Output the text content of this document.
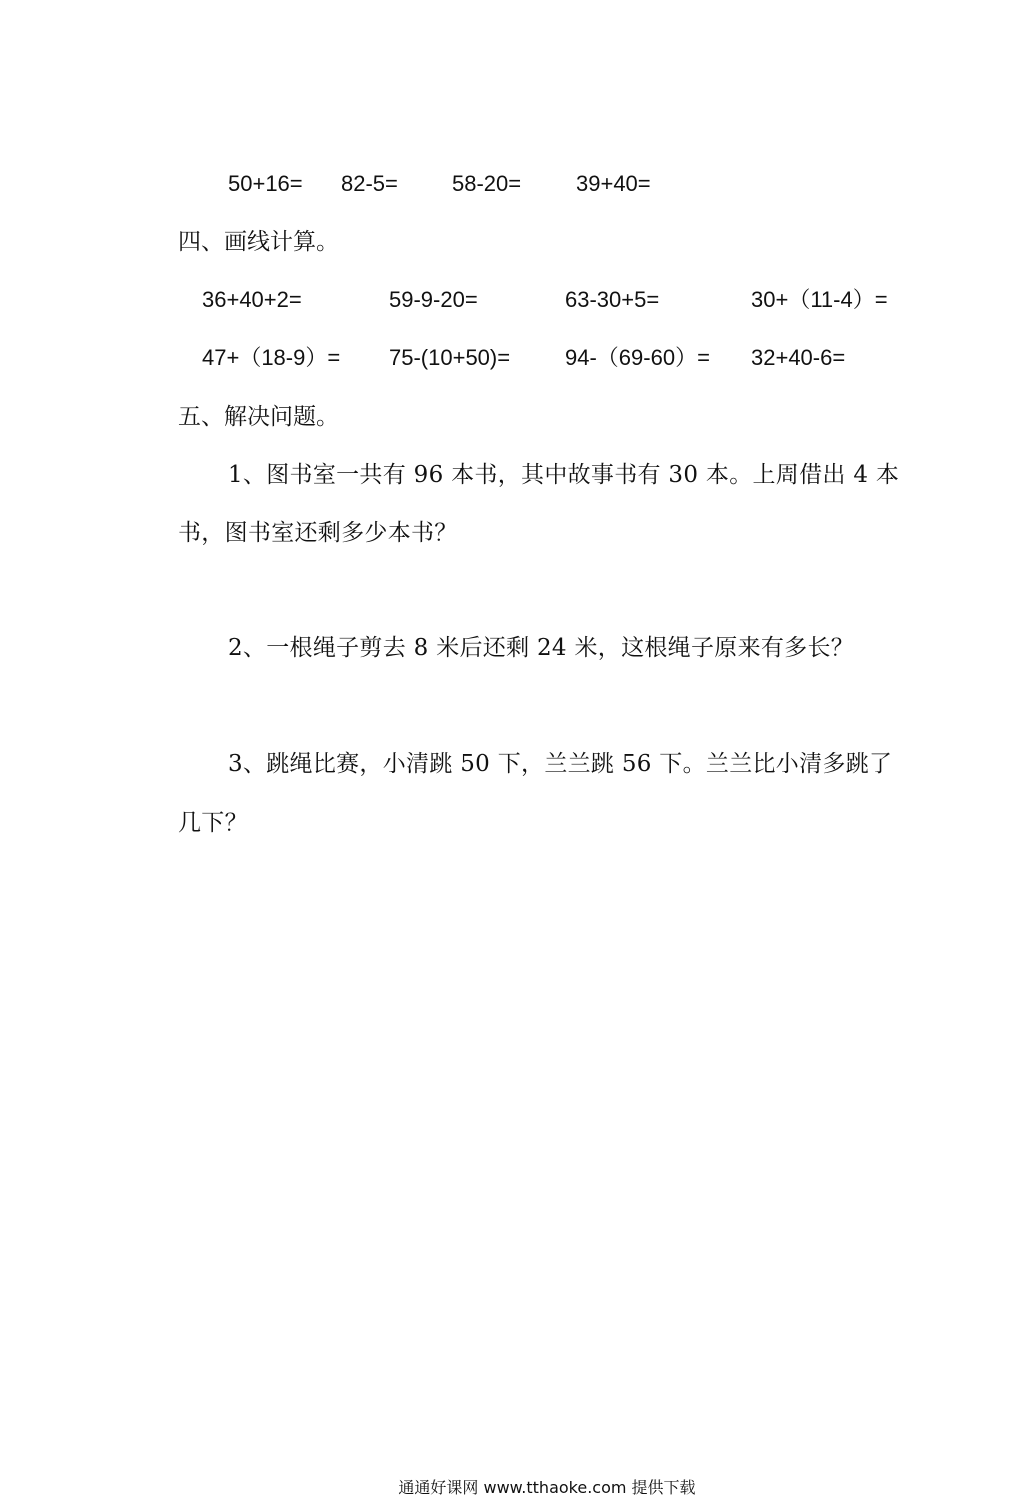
50+16= 82-5= 58-20= 39+40=
四、画线计算。
36+40+2=	59-9-20=	63-30+5=	30+（11-4）=
47+（18-9）= 75-(10+50)= 94-（69-60）= 32+40-6=
五、解决问题。
1、图书室一共有 96 本书，其中故事书有 30 本。上周借出 4 本
书，图书室还剩多少本书？
2、一根绳子剪去 8 米后还剩 24 米，这根绳子原来有多长？
3、跳绳比赛，小清跳 50 下，兰兰跳 56 下。兰兰比小清多跳了
几下？
通通好课网 www.tthaoke.com 提供下载
